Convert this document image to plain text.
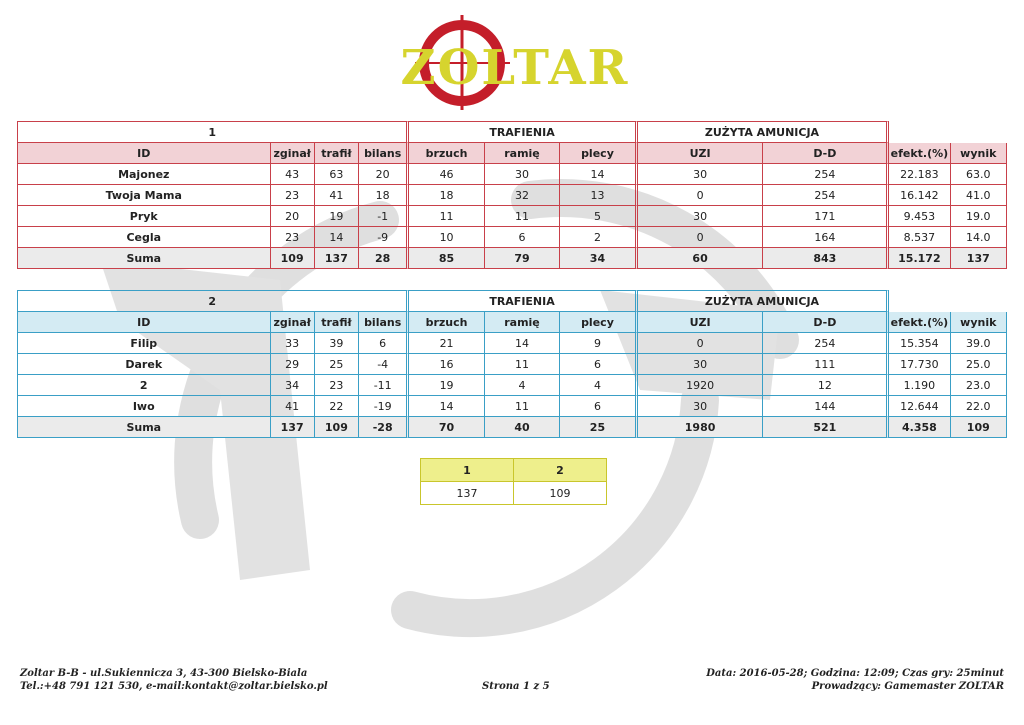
ZOLTAR
1				TRAFIENIA			ZUŻYTA AMUNICJA			
ID	zginał	trafił	bilans	brzuch	ramię	plecy	UZI	D-D	efekt.(%)	wynik
Majonez	43	63	20	46	30	14	30	254	22.183	63.0
Twoja Mama	23	41	18	18	32	13	0	254	16.142	41.0
Pryk	20	19	-1	11	11	5	30	171	9.453	19.0
Cegla	23	14	-9	10	6	2	0	164	8.537	14.0
Suma	109	137	28	85	79	34	60	843	15.172	137
2				TRAFIENIA			ZUŻYTA AMUNICJA			
ID	zginał	trafił	bilans	brzuch	ramię	plecy	UZI	D-D	efekt.(%)	wynik
Filip	33	39	6	21	14	9	0	254	15.354	39.0
Darek	29	25	-4	16	11	6	30	111	17.730	25.0
2	34	23	-11	19	4	4	1920	12	1.190	23.0
Iwo	41	22	-19	14	11	6	30	144	12.644	22.0
Suma	137	109	-28	70	40	25	1980	521	4.358	109
1	2
137	109
Zoltar B-B - ul.Sukiennicza 3, 43-300 Bielsko-Biala
Tel.:+48 791 121 530, e-mail:kontakt@zoltar.bielsko.pl	Strona 1 z 5
Data: 2016-05-28; Godzina: 12:09; Czas gry: 25minut
Prowadzący: Gamemaster ZOLTAR
